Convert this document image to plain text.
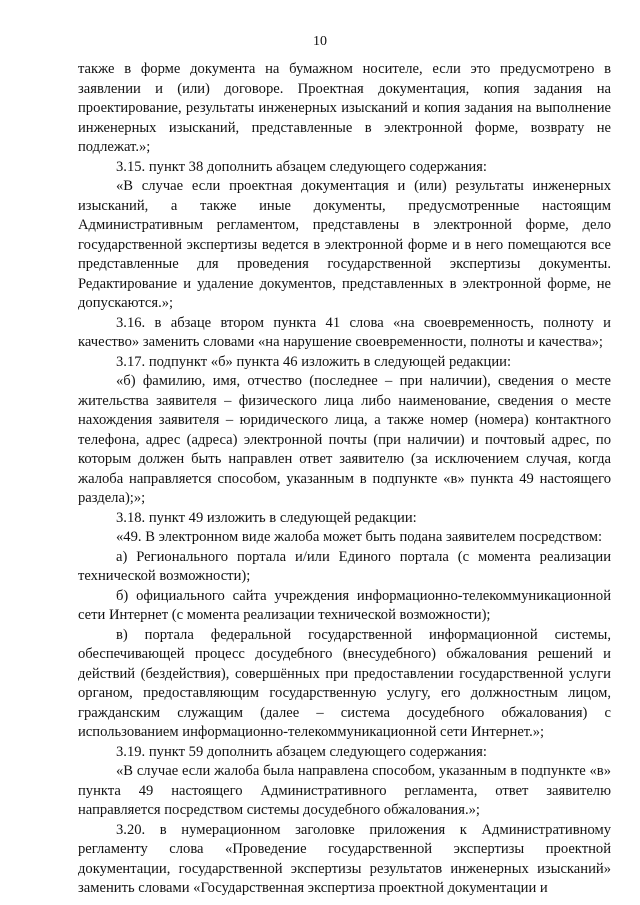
10

также в форме документа на бумажном носителе, если это предусмотрено в заявлении и (или) договоре. Проектная документация, копия задания на проектирование, результаты инженерных изысканий и копия задания на выполнение инженерных изысканий, представленные в электронной форме, возврату не подлежат.»;

3.15. пункт 38 дополнить абзацем следующего содержания:

«В случае если проектная документация и (или) результаты инженерных изысканий, а также иные документы, предусмотренные настоящим Административным регламентом, представлены в электронной форме, дело государственной экспертизы ведется в электронной форме и в него помещаются все представленные для проведения государственной экспертизы документы. Редактирование и удаление документов, представленных в электронной форме, не допускаются.»;

3.16. в абзаце втором пункта 41 слова «на своевременность, полноту и качество» заменить словами «на нарушение своевременности, полноты и качества»;

3.17. подпункт «б» пункта 46 изложить в следующей редакции:

«б) фамилию, имя, отчество (последнее – при наличии), сведения о месте жительства заявителя – физического лица либо наименование, сведения о месте нахождения заявителя – юридического лица, а также номер (номера) контактного телефона, адрес (адреса) электронной почты (при наличии) и почтовый адрес, по которым должен быть направлен ответ заявителю (за исключением случая, когда жалоба направляется способом, указанным в подпункте «в» пункта 49 настоящего раздела);»;

3.18. пункт 49 изложить в следующей редакции:

«49. В электронном виде жалоба может быть подана заявителем посредством:

а) Регионального портала и/или Единого портала (с момента реализации технической возможности);

б) официального сайта учреждения информационно-телекоммуникационной сети Интернет (с момента реализации технической возможности);

в) портала федеральной государственной информационной системы, обеспечивающей процесс досудебного (внесудебного) обжалования решений и действий (бездействия), совершённых при предоставлении государственной услуги органом, предоставляющим государственную услугу, его должностным лицом, гражданским служащим (далее – система досудебного обжалования) с использованием информационно-телекоммуникационной сети Интернет.»;

3.19. пункт 59 дополнить абзацем следующего содержания:

«В случае если жалоба была направлена способом, указанным в подпункте «в» пункта 49 настоящего Административного регламента, ответ заявителю направляется посредством системы досудебного обжалования.»;

3.20. в нумерационном заголовке приложения к Административному регламенту слова «Проведение государственной экспертизы проектной документации, государственной экспертизы результатов инженерных изысканий» заменить словами «Государственная экспертиза проектной документации и
